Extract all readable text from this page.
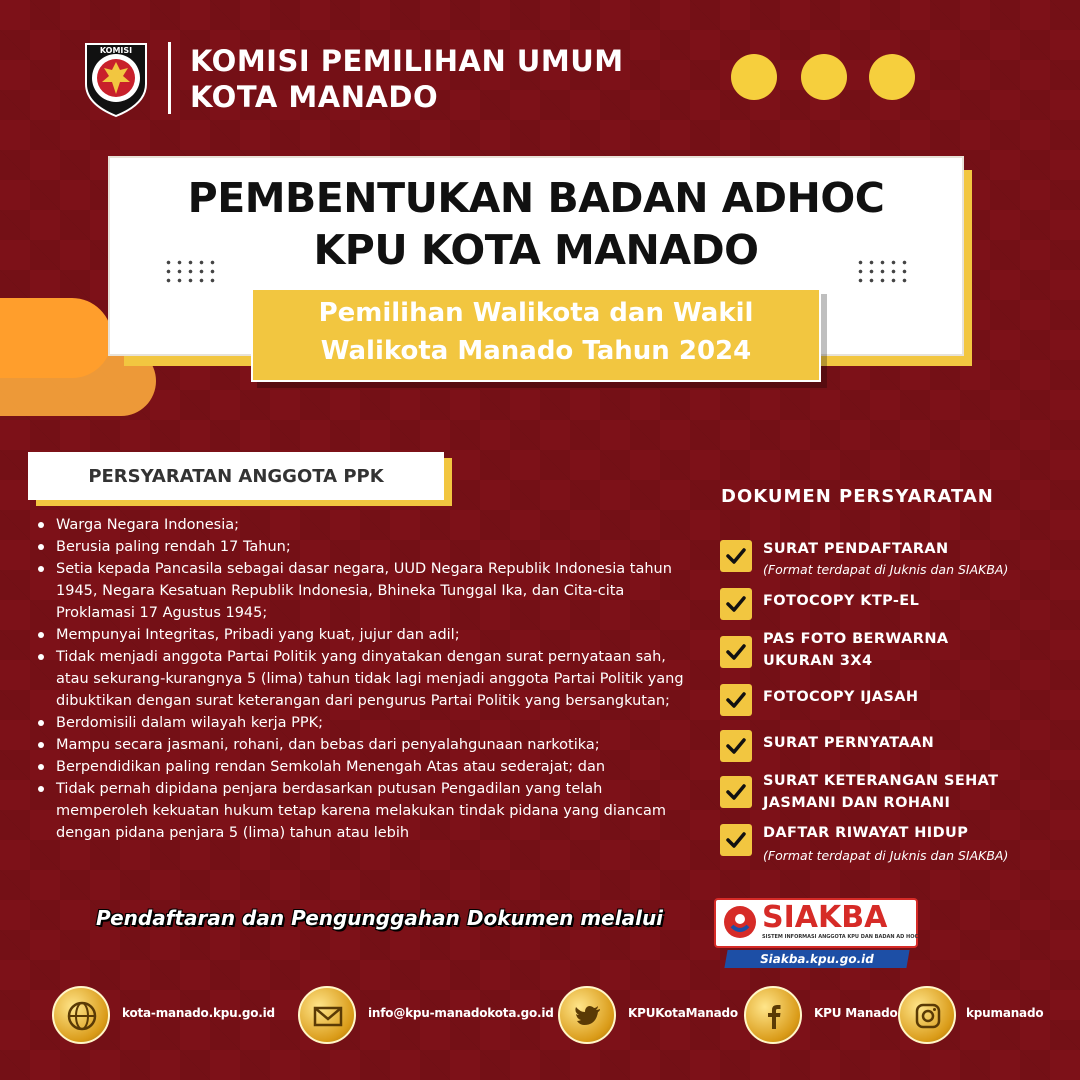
KOMISI KOMISI PEMILIHAN UMUM
KOTA MANADO
PEMBENTUKAN BADAN ADHOC
KPU KOTA MANADO
Pemilihan Walikota dan Wakil
Walikota Manado Tahun 2024
PERSYARATAN ANGGOTA PPK
Warga Negara Indonesia;
Berusia paling rendah 17 Tahun;
Setia kepada Pancasila sebagai dasar negara, UUD Negara Republik Indonesia tahun 1945, Negara Kesatuan Republik Indonesia, Bhineka Tunggal Ika, dan Cita-cita Proklamasi 17 Agustus 1945;
Mempunyai Integritas, Pribadi yang kuat, jujur dan adil;
Tidak menjadi anggota Partai Politik yang dinyatakan dengan surat pernyataan sah, atau sekurang-kurangnya 5 (lima) tahun tidak lagi menjadi anggota Partai Politik yang dibuktikan dengan surat keterangan dari pengurus Partai Politik yang bersangkutan;
Berdomisili dalam wilayah kerja PPK;
Mampu secara jasmani, rohani, dan bebas dari penyalahgunaan narkotika;
Berpendidikan paling rendan Semkolah Menengah Atas atau sederajat; dan
Tidak pernah dipidana penjara berdasarkan putusan Pengadilan yang telah memperoleh kekuatan hukum tetap karena melakukan tindak pidana yang diancam dengan pidana penjara 5 (lima) tahun atau lebih
DOKUMEN PERSYARATAN
SURAT PENDAFTARAN
(Format terdapat di Juknis dan SIAKBA)
FOTOCOPY KTP-EL
PAS FOTO BERWARNA
UKURAN 3X4
FOTOCOPY IJASAH
SURAT PERNYATAAN
SURAT KETERANGAN SEHAT
JASMANI DAN ROHANI
DAFTAR RIWAYAT HIDUP
(Format terdapat di Juknis dan SIAKBA)
Pendaftaran dan Pengunggahan Dokumen melalui	SIAKBA
SISTEM INFORMASI ANGGOTA KPU DAN BADAN AD HOC
Siakba.kpu.go.id
kota-manado.kpu.go.id	info@kpu-manadokota.go.id	KPUKotaManado	KPU Manado	kpumanado
